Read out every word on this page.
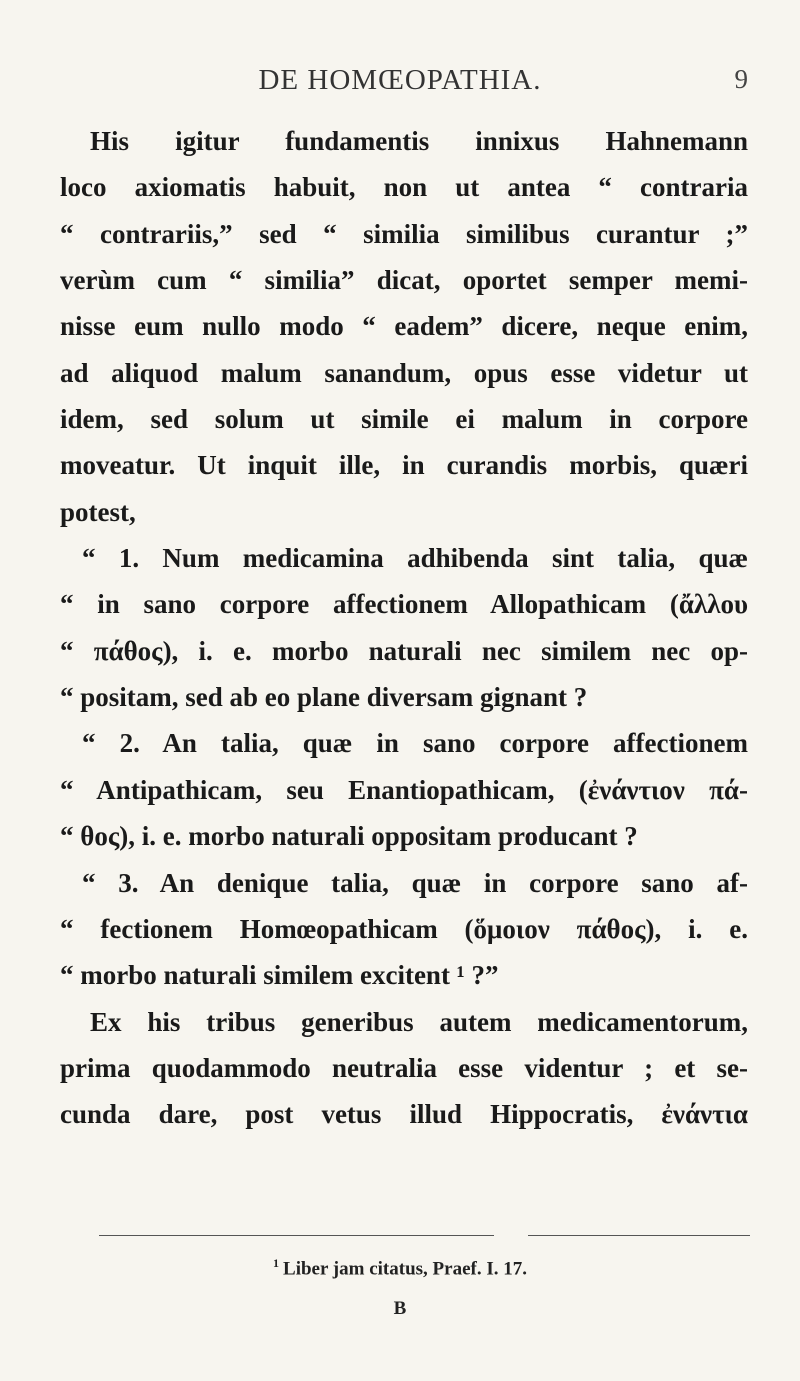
DE HOMŒOPATHIA.	9
His igitur fundamentis innixus Hahnemann
loco axiomatis habuit, non ut antea “ contraria
“ contrariis,” sed “ similia similibus curantur ;”
verùm cum “ similia” dicat, oportet semper memi-
nisse eum nullo modo “ eadem” dicere, neque enim,
ad aliquod malum sanandum, opus esse videtur ut
idem, sed solum ut simile ei malum in corpore
moveatur. Ut inquit ille, in curandis morbis, quæri
potest,
“ 1. Num medicamina adhibenda sint talia, quæ
“ in sano corpore affectionem Allopathicam (ἄλλου
“ πάθος), i. e. morbo naturali nec similem nec op-
“ positam, sed ab eo plane diversam gignant ?
“ 2. An talia, quæ in sano corpore affectionem
“ Antipathicam, seu Enantiopathicam, (ἐνάντιον πά-
“ θος), i. e. morbo naturali oppositam producant ?
“ 3. An denique talia, quæ in corpore sano af-
“ fectionem Homœopathicam (ὅμοιον πάθος), i. e.
“ morbo naturali similem excitent ¹ ?”
Ex his tribus generibus autem medicamentorum,
prima quodammodo neutralia esse videntur ; et se-
cunda dare, post vetus illud Hippocratis, ἐνάντια
$^1$ Liber jam citatus, Praef. I. 17.
B
